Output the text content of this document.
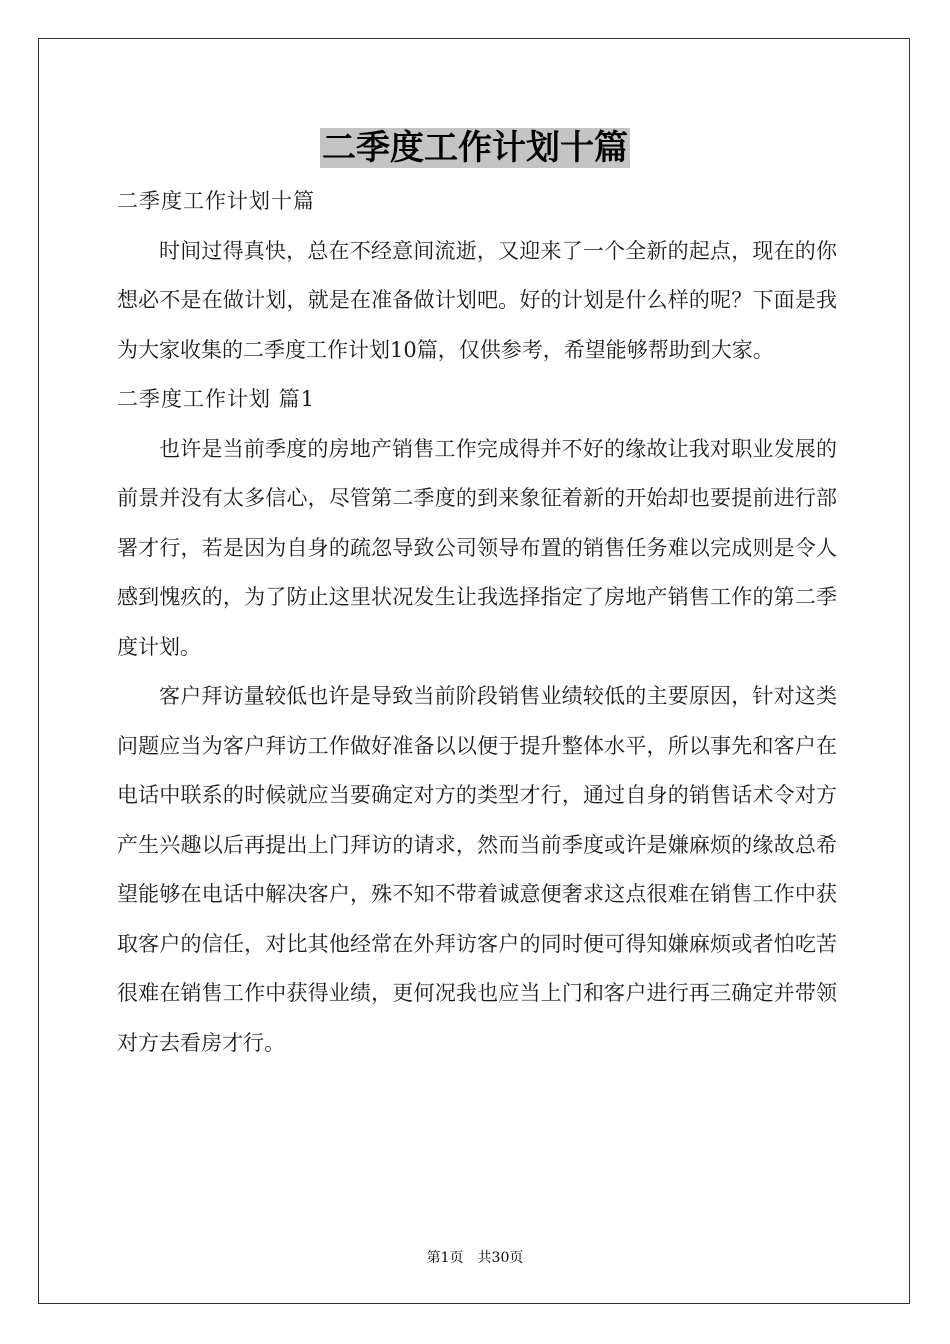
二季度工作计划十篇

二季度工作计划十篇

时间过得真快，总在不经意间流逝，又迎来了一个全新的起点，现在的你想必不是在做计划，就是在准备做计划吧。好的计划是什么样的呢？下面是我为大家收集的二季度工作计划10篇，仅供参考，希望能够帮助到大家。

二季度工作计划 篇1

也许是当前季度的房地产销售工作完成得并不好的缘故让我对职业发展的前景并没有太多信心，尽管第二季度的到来象征着新的开始却也要提前进行部署才行，若是因为自身的疏忽导致公司领导布置的销售任务难以完成则是令人感到愧疚的，为了防止这里状况发生让我选择指定了房地产销售工作的第二季度计划。

客户拜访量较低也许是导致当前阶段销售业绩较低的主要原因，针对这类问题应当为客户拜访工作做好准备以以便于提升整体水平，所以事先和客户在电话中联系的时候就应当要确定对方的类型才行，通过自身的销售话术令对方产生兴趣以后再提出上门拜访的请求，然而当前季度或许是嫌麻烦的缘故总希望能够在电话中解决客户，殊不知不带着诚意便奢求这点很难在销售工作中获取客户的信任，对比其他经常在外拜访客户的同时便可得知嫌麻烦或者怕吃苦很难在销售工作中获得业绩，更何况我也应当上门和客户进行再三确定并带领对方去看房才行。

第1页 共30页
